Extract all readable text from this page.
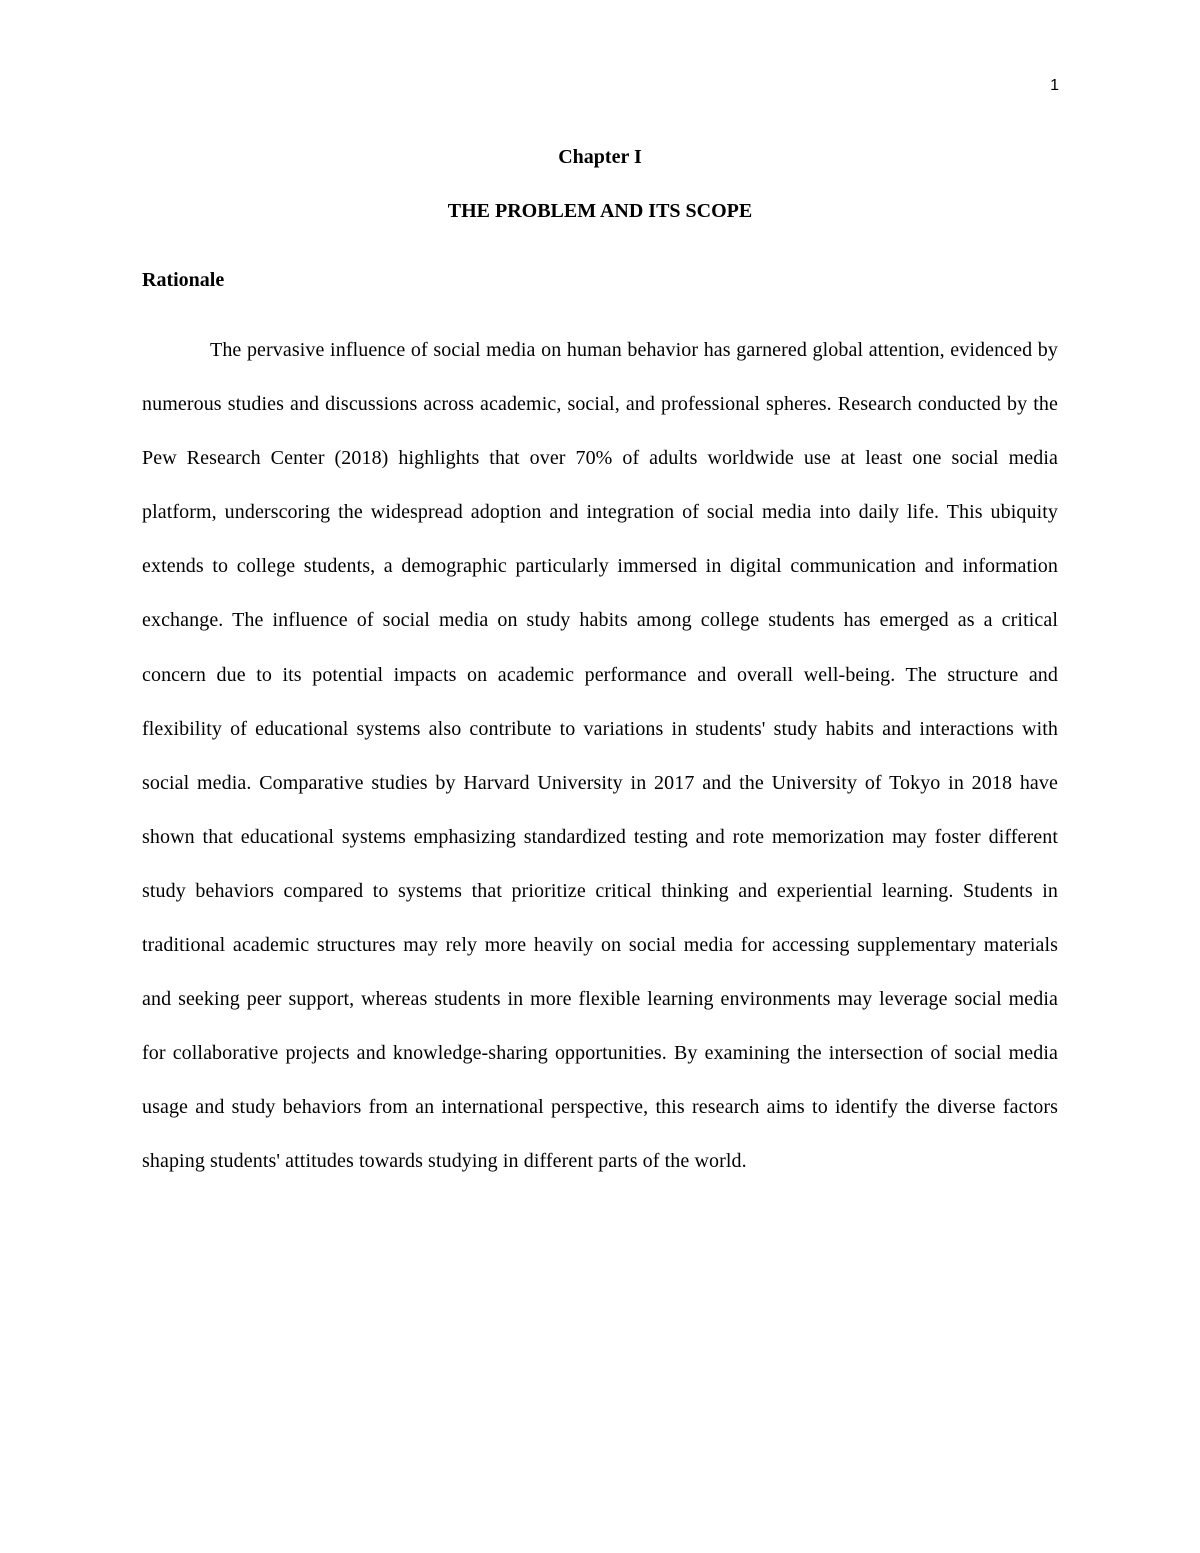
1
Chapter I
THE PROBLEM AND ITS SCOPE
Rationale

The pervasive influence of social media on human behavior has garnered global attention, evidenced by numerous studies and discussions across academic, social, and professional spheres. Research conducted by the Pew Research Center (2018) highlights that over 70% of adults worldwide use at least one social media platform, underscoring the widespread adoption and integration of social media into daily life. This ubiquity extends to college students, a demographic particularly immersed in digital communication and information exchange. The influence of social media on study habits among college students has emerged as a critical concern due to its potential impacts on academic performance and overall well-being. The structure and flexibility of educational systems also contribute to variations in students' study habits and interactions with social media. Comparative studies by Harvard University in 2017 and the University of Tokyo in 2018 have shown that educational systems emphasizing standardized testing and rote memorization may foster different study behaviors compared to systems that prioritize critical thinking and experiential learning. Students in traditional academic structures may rely more heavily on social media for accessing supplementary materials and seeking peer support, whereas students in more flexible learning environments may leverage social media for collaborative projects and knowledge-sharing opportunities. By examining the intersection of social media usage and study behaviors from an international perspective, this research aims to identify the diverse factors shaping students' attitudes towards studying in different parts of the world.
